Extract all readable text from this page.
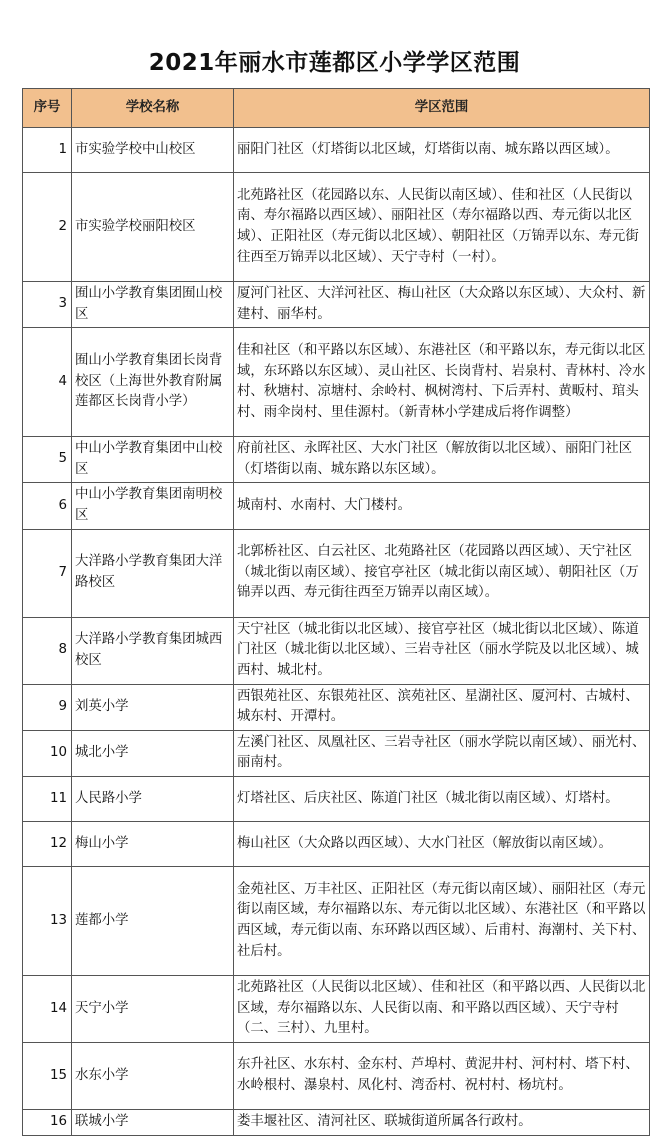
2021年丽水市莲都区小学学区范围
序号	学校名称	学区范围
1	市实验学校中山校区	丽阳门社区（灯塔街以北区域，灯塔街以南、城东路以西区域）。
2	市实验学校丽阳校区	北苑路社区（花园路以东、人民街以南区域）、佳和社区（人民街以南、寿尔福路以西区域）、丽阳社区（寿尔福路以西、寿元街以北区域）、正阳社区（寿元街以北区域）、朝阳社区（万锦弄以东、寿元街往西至万锦弄以北区域）、天宁寺村（一村）。
3	囿山小学教育集团囿山校区	厦河门社区、大洋河社区、梅山社区（大众路以东区域）、大众村、新建村、丽华村。
4	囿山小学教育集团长岗背校区（上海世外教育附属莲都区长岗背小学）	佳和社区（和平路以东区域）、东港社区（和平路以东，寿元街以北区域，东环路以东区域）、灵山社区、长岗背村、岩泉村、青林村、冷水村、秋塘村、凉塘村、余岭村、枫树湾村、下后弄村、黄畈村、琯头村、雨伞岗村、里佳源村。（新青林小学建成后将作调整）
5	中山小学教育集团中山校区	府前社区、永晖社区、大水门社区（解放街以北区域）、丽阳门社区（灯塔街以南、城东路以东区域）。
6	中山小学教育集团南明校区	城南村、水南村、大门楼村。
7	大洋路小学教育集团大洋路校区	北郭桥社区、白云社区、北苑路社区（花园路以西区域）、天宁社区（城北街以南区域）、接官亭社区（城北街以南区域）、朝阳社区（万锦弄以西、寿元街往西至万锦弄以南区域）。
8	大洋路小学教育集团城西校区	天宁社区（城北街以北区域）、接官亭社区（城北街以北区域）、陈道门社区（城北街以北区域）、三岩寺社区（丽水学院及以北区域）、城西村、城北村。
9	刘英小学	西银苑社区、东银苑社区、滨苑社区、星湖社区、厦河村、古城村、城东村、开潭村。
10	城北小学	左溪门社区、凤凰社区、三岩寺社区（丽水学院以南区域）、丽光村、丽南村。
11	人民路小学	灯塔社区、后庆社区、陈道门社区（城北街以南区域）、灯塔村。
12	梅山小学	梅山社区（大众路以西区域）、大水门社区（解放街以南区域）。
13	莲都小学	金苑社区、万丰社区、正阳社区（寿元街以南区域）、丽阳社区（寿元街以南区域，寿尔福路以东、寿元街以北区域）、东港社区（和平路以西区域，寿元街以南、东环路以西区域）、后甫村、海潮村、关下村、社后村。
14	天宁小学	北苑路社区（人民街以北区域）、佳和社区（和平路以西、人民街以北区域，寿尔福路以东、人民街以南、和平路以西区域）、天宁寺村（二、三村）、九里村。
15	水东小学	东升社区、水东村、金东村、芦埠村、黄泥井村、河村村、塔下村、水岭根村、瀑泉村、凤化村、湾岙村、祝村村、杨坑村。
16	联城小学	娄丰堰社区、清河社区、联城街道所属各行政村。
